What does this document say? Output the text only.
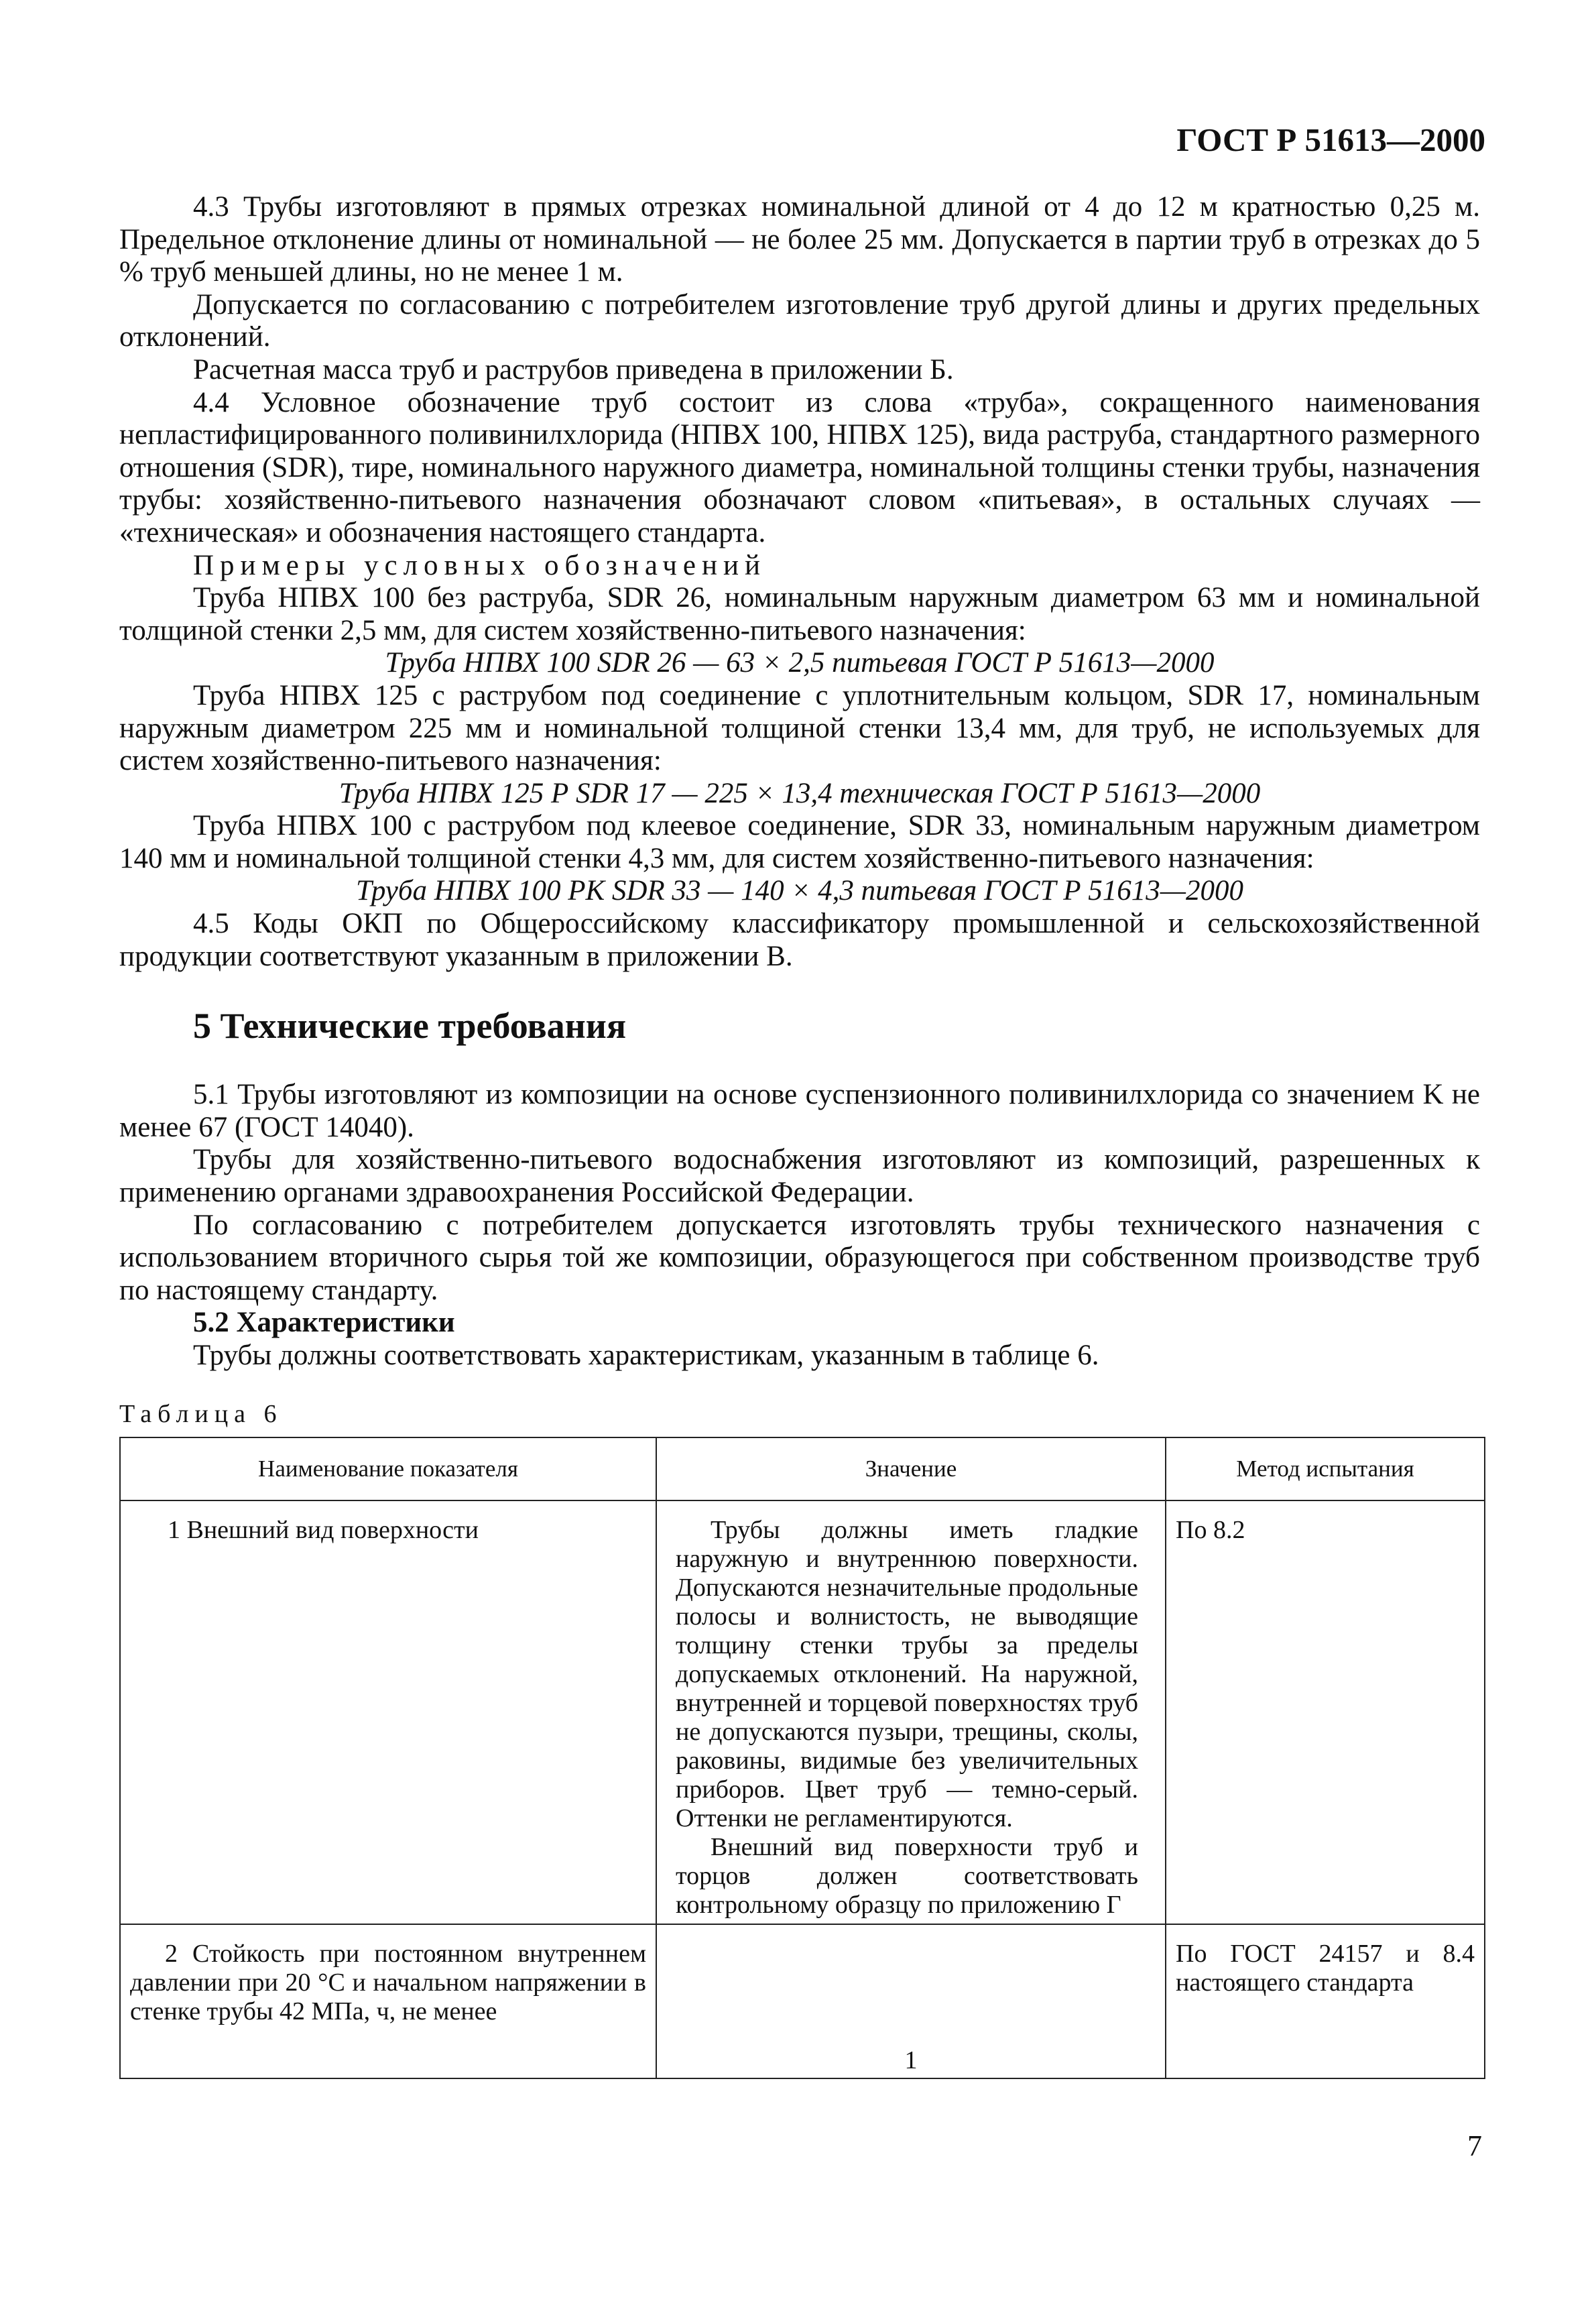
ГОСТ Р 51613—2000

4.3 Трубы изготовляют в прямых отрезках номинальной длиной от 4 до 12 м кратностью 0,25 м. Предельное отклонение длины от номинальной — не более 25 мм. Допускается в партии труб в отрезках до 5 % труб меньшей длины, но не менее 1 м.

Допускается по согласованию с потребителем изготовление труб другой длины и других предельных отклонений.

Расчетная масса труб и раструбов приведена в приложении Б.

4.4 Условное обозначение труб состоит из слова «труба», сокращенного наименования непластифицированного поливинилхлорида (НПВХ 100, НПВХ 125), вида раструба, стандартного размерного отношения (SDR), тире, номинального наружного диаметра, номинальной толщины стенки трубы, назначения трубы: хозяйственно-питьевого назначения обозначают словом «питьевая», в остальных случаях — «техническая» и обозначения настоящего стандарта.

Примеры условных обозначений

Труба НПВХ 100 без раструба, SDR 26, номинальным наружным диаметром 63 мм и номинальной толщиной стенки 2,5 мм, для систем хозяйственно-питьевого назначения:

Труба НПВХ 100 SDR 26 — 63 × 2,5 питьевая ГОСТ Р 51613—2000

Труба НПВХ 125 с раструбом под соединение с уплотнительным кольцом, SDR 17, номинальным наружным диаметром 225 мм и номинальной толщиной стенки 13,4 мм, для труб, не используемых для систем хозяйственно-питьевого назначения:

Труба НПВХ 125 Р SDR 17 — 225 × 13,4 техническая ГОСТ Р 51613—2000

Труба НПВХ 100 с раструбом под клеевое соединение, SDR 33, номинальным наружным диаметром 140 мм и номинальной толщиной стенки 4,3 мм, для систем хозяйственно-питьевого назначения:

Труба НПВХ 100 РК SDR 33 — 140 × 4,3 питьевая ГОСТ Р 51613—2000

4.5 Коды ОКП по Общероссийскому классификатору промышленной и сельскохозяйственной продукции соответствуют указанным в приложении В.

5 Технические требования

5.1 Трубы изготовляют из композиции на основе суспензионного поливинилхлорида со значением K не менее 67 (ГОСТ 14040).

Трубы для хозяйственно-питьевого водоснабжения изготовляют из композиций, разрешенных к применению органами здравоохранения Российской Федерации.

По согласованию с потребителем допускается изготовлять трубы технического назначения с использованием вторичного сырья той же композиции, образующегося при собственном производстве труб по настоящему стандарту.

5.2 Характеристики

Трубы должны соответствовать характеристикам, указанным в таблице 6.

Таблица 6
Наименование показателя	Значение	Метод испытания
1 Внешний вид поверхности	Трубы должны иметь гладкие наружную и внутреннюю поверхности. Допускаются незначительные продольные полосы и волнистость, не выводящие толщину стенки трубы за пределы допускаемых отклонений. На наружной, внутренней и торцевой поверхностях труб не допускаются пузыри, трещины, сколы, раковины, видимые без увеличительных приборов. Цвет труб — темно-серый. Оттенки не регламентируются.

Внешний вид поверхности труб и торцов должен соответствовать контрольному образцу по приложению Г	По 8.2
2 Стойкость при постоянном внутреннем давлении при 20 °С и начальном напряжении в стенке трубы 42 МПа, ч, не менее	1	По ГОСТ 24157 и 8.4 настоящего стандарта
7
